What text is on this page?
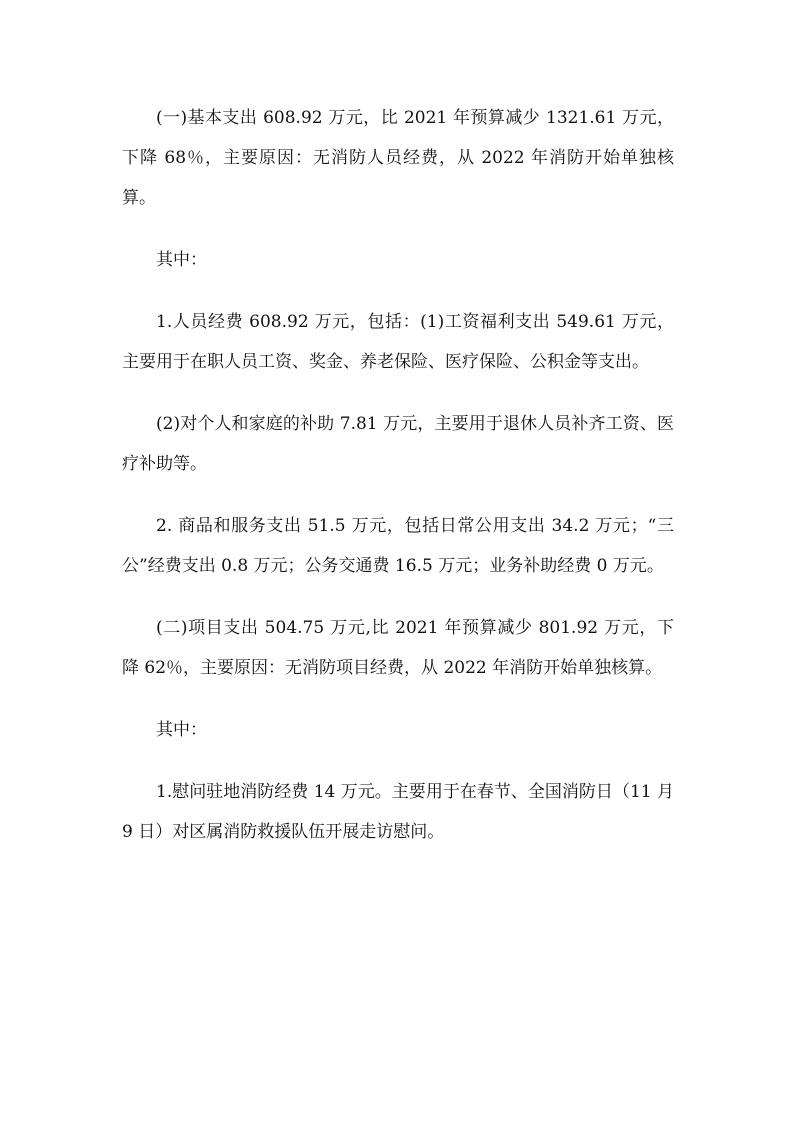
(一)基本支出 608.92 万元，比 2021 年预算减少 1321.61 万元，下降 68％，主要原因：无消防人员经费，从 2022 年消防开始单独核算。

其中：

1.人员经费 608.92 万元，包括：(1)工资福利支出 549.61 万元，主要用于在职人员工资、奖金、养老保险、医疗保险、公积金等支出。

(2)对个人和家庭的补助 7.81 万元，主要用于退休人员补齐工资、医疗补助等。

2. 商品和服务支出 51.5 万元，包括日常公用支出 34.2 万元；“三公”经费支出 0.8 万元；公务交通费 16.5 万元；业务补助经费 0 万元。

(二)项目支出 504.75 万元,比 2021 年预算减少 801.92 万元，下降 62％，主要原因：无消防项目经费，从 2022 年消防开始单独核算。

其中：

1.慰问驻地消防经费 14 万元。主要用于在春节、全国消防日（11 月 9 日）对区属消防救援队伍开展走访慰问。
